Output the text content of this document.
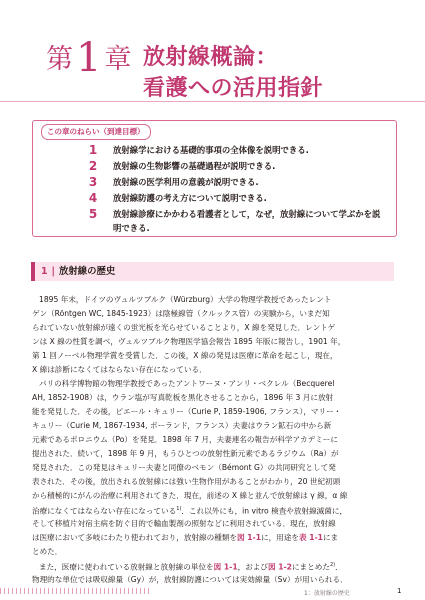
第1 章 放射線概論：
看護への活用指針
この章のねらい（到達目標）
1 放射線学における基礎的事項の全体像を説明できる.
2 放射線の生物影響の基礎過程が説明できる.
3 放射線の医学利用の意義が説明できる.
4 放射線防護の考え方について説明できる.
5 放射線診療にかかわる看護者として，なぜ，放射線について学ぶかを説
明できる.
1 | 放射線の歴史
1895 年末，ドイツのヴュルツブルク（Würzburg）大学の物理学教授であったレント
ゲン（Röntgen WC, 1845-1923）は陰極線管（クルックス管）の実験から，いまだ知
られていない放射線が遠くの蛍光板を光らせていることより，X 線を発見した．レントゲ
ンは X 線の性質を調べ，ヴュルツブルク物理医学協会報告 1895 年版に報告し，1901 年，
第 1 回ノーベル物理学賞を受賞した．この後，X 線の発見は医療に革命を起こし，現在，
X 線は診断になくてはならない存在になっている．
パリの科学博物館の物理学教授であったアントワーヌ・アンリ・ベクレル（Becquerel
AH, 1852-1908）は，ウラン塩が写真乾板を黒化させることから，1896 年 3 月に放射
能を発見した．その後，ピエール・キュリー（Curie P, 1859-1906, フランス），マリー・
キュリー（Curie M, 1867-1934, ポーランド，フランス）夫妻はウラン鉱石の中から新
元素であるポロニウム（Po）を発見．1898 年 7 月，夫妻連名の報告が科学アカデミーに
提出された．続いて，1898 年 9 月，もうひとつの放射性新元素であるラジウム（Ra）が
発見された．この発見はキュリー夫妻と同僚のベモン（Bémont G）の共同研究として発
表された．その後，放出される放射線には強い生物作用があることがわかり，20 世紀初頭
から積極的にがんの治療に利用されてきた．現在，前述の X 線と並んで放射線は γ 線，α 線
治療になくてはならない存在になっている$^{1)}$．これ以外にも，in vitro 検査や放射線滅菌に，
そして移植片対宿主病を防ぐ目的で輸血製剤の照射などに利用されている．現在，放射線
は医療において多岐にわたり使われており，放射線の種類を図 1-1に，用途を表 1-1にま
とめた．
また，医療に使われている放射線と放射線の単位を図 1-1，および図 1-2にまとめた$^{2)}$．
物理的な単位では吸収線量（Gy）が，放射線防護については実効線量（Sv）が用いられる．
1：放射線の歴史	1
